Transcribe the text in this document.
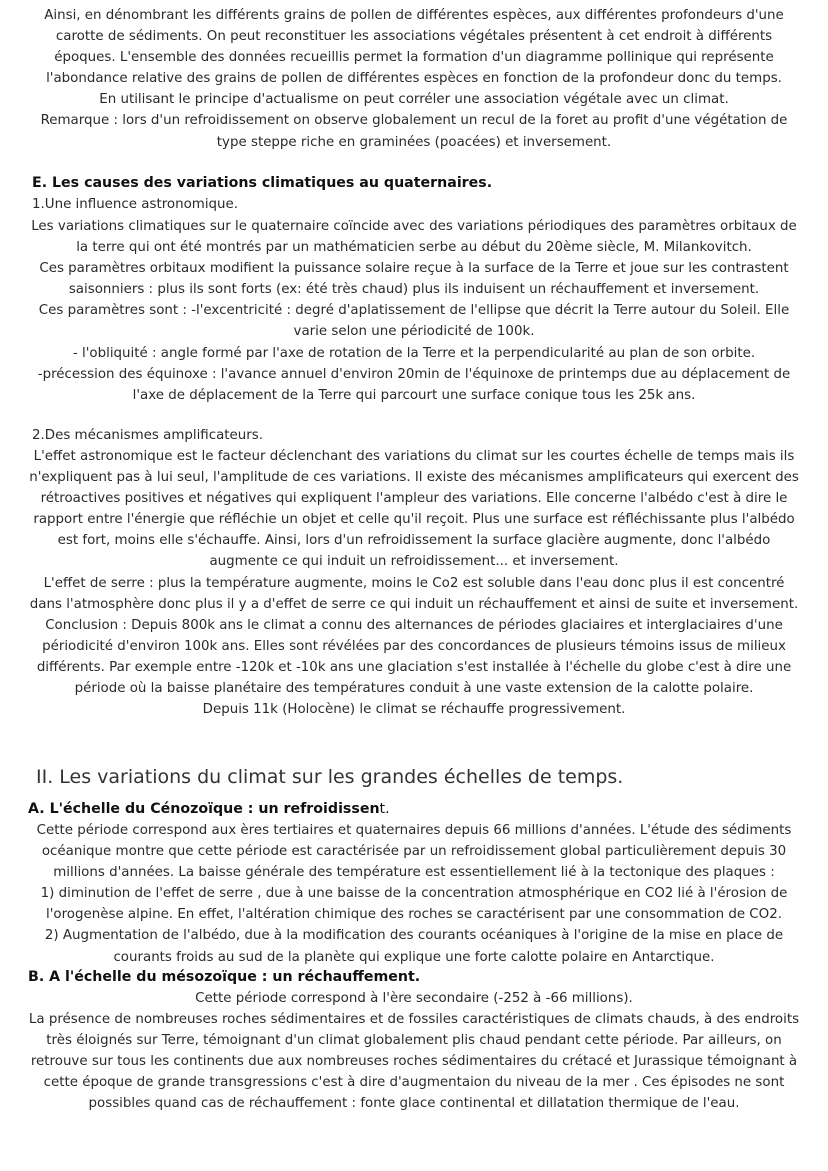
Ainsi, en dénombrant les différents grains de pollen de différentes espèces, aux différentes profondeurs d'une carotte de sédiments. On peut reconstituer les associations végétales présentent à cet endroit à différents époques. L'ensemble des données recueillis permet la formation d'un diagramme pollinique qui représente l'abondance relative des grains de pollen de différentes espèces en fonction de la profondeur donc du temps.

En utilisant le principe d'actualisme on peut corréler une association végétale avec un climat.

Remarque : lors d'un refroidissement on observe globalement un recul de la foret au profit d'une végétation de type steppe riche en graminées (poacées) et inversement.

E. Les causes des variations climatiques au quaternaires.
1.Une influence astronomique.

Les variations climatiques sur le quaternaire coïncide avec des variations périodiques des paramètres orbitaux de la terre qui ont été montrés par un mathématicien serbe au début du 20ème siècle, M. Milankovitch.

Ces paramètres orbitaux modifient la puissance solaire reçue à la surface de la Terre et joue sur les contrastent saisonniers : plus ils sont forts (ex: été très chaud) plus ils induisent un réchauffement et inversement.

Ces paramètres sont : -l'excentricité : degré d'aplatissement de l'ellipse que décrit la Terre autour du Soleil. Elle varie selon une périodicité de 100k.

- l'obliquité : angle formé par l'axe de rotation de la Terre et la perpendicularité au plan de son orbite.

-précession des équinoxe : l'avance annuel d'environ 20min de l'équinoxe de printemps due au déplacement de l'axe de déplacement de la Terre qui parcourt une surface conique tous les 25k ans.

2.Des mécanismes amplificateurs.

L'effet astronomique est le facteur déclenchant des variations du climat sur les courtes échelle de temps mais ils n'expliquent pas à lui seul, l'amplitude de ces variations. Il existe des mécanismes amplificateurs qui exercent des rétroactives positives et négatives qui expliquent l'ampleur des variations. Elle concerne l'albédo c'est à dire le rapport entre l'énergie que réfléchie un objet et celle qu'il reçoit. Plus une surface est réfléchissante plus l'albédo est fort, moins elle s'échauffe. Ainsi, lors d'un refroidissement la surface glacière augmente, donc l'albédo augmente ce qui induit un refroidissement... et inversement.

L'effet de serre : plus la température augmente, moins le Co2 est soluble dans l'eau donc plus il est concentré dans l'atmosphère donc plus il y a d'effet de serre ce qui induit un réchauffement et ainsi de suite et inversement.

Conclusion : Depuis 800k ans le climat a connu des alternances de périodes glaciaires et interglaciaires d'une périodicité d'environ 100k ans. Elles sont révélées par des concordances de plusieurs témoins issus de milieux différents. Par exemple entre -120k et -10k ans une glaciation s'est installée à l'échelle du globe c'est à dire une période où la baisse planétaire des températures conduit à une vaste extension de la calotte polaire.

Depuis 11k (Holocène) le climat se réchauffe progressivement.

II. Les variations du climat sur les grandes échelles de temps.
A. L'échelle du Cénozoïque : un refroidissent.

Cette période correspond aux ères tertiaires et quaternaires depuis 66 millions d'années. L'étude des sédiments océanique montre que cette période est caractérisée par un refroidissement global particulièrement depuis 30 millions d'années. La baisse générale des température est essentiellement lié à la tectonique des plaques :

1) diminution de l'effet de serre , due à une baisse de la concentration atmosphérique en CO2 lié à l'érosion de l'orogenèse alpine. En effet, l'altération chimique des roches se caractérisent par une consommation de CO2.

2) Augmentation de l'albédo, due à la modification des courants océaniques à l'origine de la mise en place de courants froids au sud de la planète qui explique une forte calotte polaire en Antarctique.

B. A l'échelle du mésozoïque : un réchauffement.

Cette période correspond à l'ère secondaire (-252 à -66 millions).

La présence de nombreuses roches sédimentaires et de fossiles caractéristiques de climats chauds, à des endroits très éloignés sur Terre, témoignant d'un climat globalement plis chaud pendant cette période. Par ailleurs, on retrouve sur tous les continents due aux nombreuses roches sédimentaires du crétacé et Jurassique témoignant à cette époque de grande transgressions c'est à dire d'augmentaion du niveau de la mer . Ces épisodes ne sont possibles quand cas de réchauffement : fonte glace continental et dillatation thermique de l'eau.
